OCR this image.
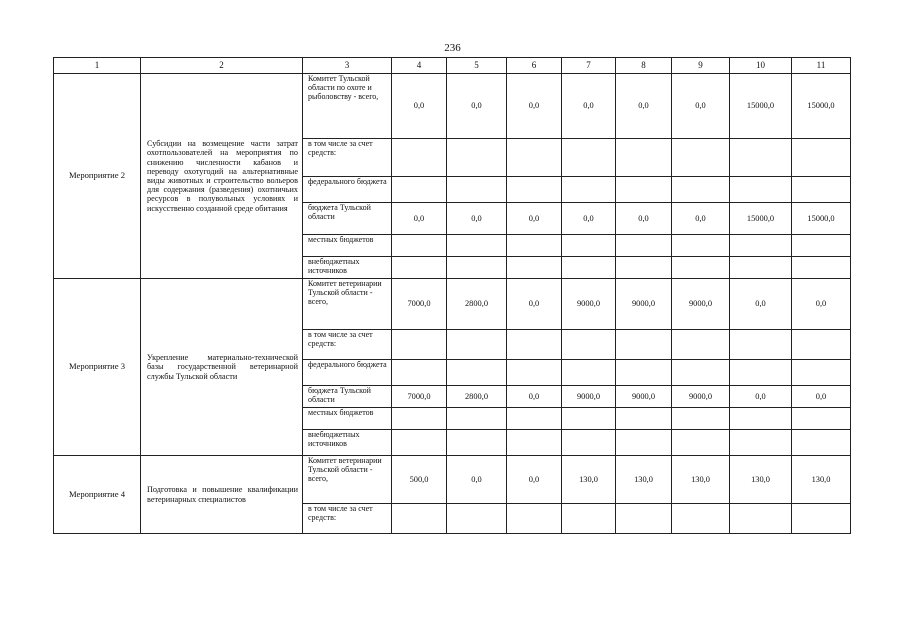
236
1	2	3	4	5	6	7	8	9	10	11
Мероприятие 2	Субсидии на возмещение части затрат охотпользователей на мероприятия по снижению численности кабанов и переводу охотугодий на альтернативные виды животных и строительство вольеров для содержания (разведения) охотничьих ресурсов в полувольных условиях и искусственно созданной среде обитания	Комитет Тульской области по охоте и рыболовству - всего,	0,0	0,0	0,0	0,0	0,0	0,0	15000,0	15000,0
		в том числе за счет средств:								
		федерального бюджета								
		бюджета Тульской области	0,0	0,0	0,0	0,0	0,0	0,0	15000,0	15000,0
		местных бюджетов								
		внебюджетных источников								
Мероприятие 3	Укрепление материально-технической базы государственной ветеринарной службы Тульской области	Комитет ветеринарии Тульской области - всего,	7000,0	2800,0	0,0	9000,0	9000,0	9000,0	0,0	0,0
		в том числе за счет средств:								
		федерального бюджета								
		бюджета Тульской области	7000,0	2800,0	0,0	9000,0	9000,0	9000,0	0,0	0,0
		местных бюджетов								
		внебюджетных источников								
Мероприятие 4	Подготовка и повышение квалификации ветеринарных специалистов	Комитет ветеринарии Тульской области - всего,	500,0	0,0	0,0	130,0	130,0	130,0	130,0	130,0
		в том числе за счет средств:								
